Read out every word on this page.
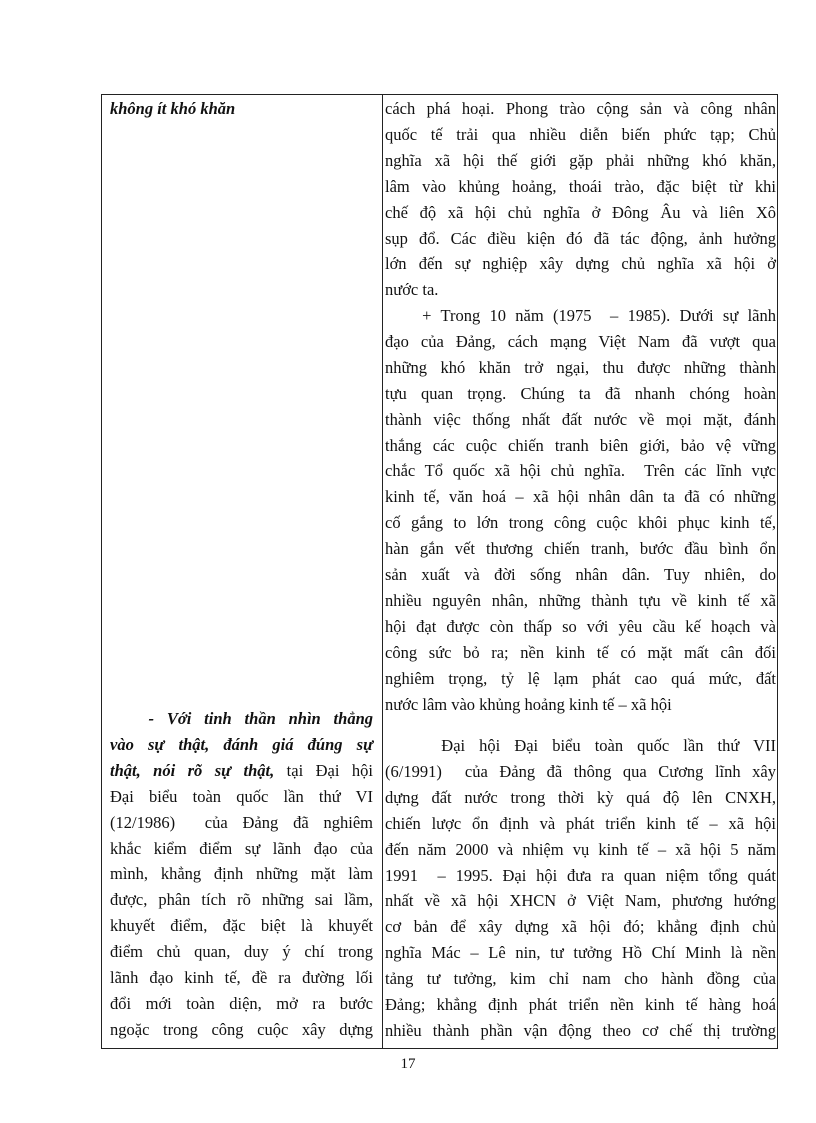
không ít khó khăn
- Với tinh thần nhìn thẳng
vào sự thật, đánh giá đúng sự
thật, nói rõ sự thật, tại Đại hội
Đại biểu toàn quốc lần thứ VI
(12/1986)  của Đảng đã nghiêm
khắc kiểm điểm sự lãnh đạo của
mình, khẳng định những mặt làm
được, phân tích rõ những sai lầm,
khuyết điểm, đặc biệt là khuyết
điểm chủ quan, duy ý chí trong
lãnh đạo kinh tế, đề ra đường lối
đổi mới toàn diện, mở ra bước
ngoặc trong công cuộc xây dựng
cách phá hoại. Phong trào cộng sản và công nhân
quốc tế trải qua nhiều diễn biến phức tạp; Chủ
nghĩa xã hội thế giới gặp phải những khó khăn,
lâm vào khủng hoảng, thoái trào, đặc biệt từ khi
chế độ xã hội chủ nghĩa ở Đông Âu và liên Xô
sụp đổ. Các điều kiện đó đã tác động, ảnh hưởng
lớn đến sự nghiệp xây dựng chủ nghĩa xã hội ở
nước ta.
+ Trong 10 năm (1975  – 1985). Dưới sự lãnh
đạo của Đảng, cách mạng Việt Nam đã vượt qua
những khó khăn trở ngại, thu được những thành
tựu quan trọng. Chúng ta đã nhanh chóng hoàn
thành việc thống nhất đất nước về mọi mặt, đánh
thắng các cuộc chiến tranh biên giới, bảo vệ vững
chắc Tổ quốc xã hội chủ nghĩa.  Trên các lĩnh vực
kinh tế, văn hoá – xã hội nhân dân ta đã có những
cố gắng to lớn trong công cuộc khôi phục kinh tế,
hàn gắn vết thương chiến tranh, bước đầu bình ổn
sản xuất và đời sống nhân dân. Tuy nhiên, do
nhiều nguyên nhân, những thành tựu về kinh tế xã
hội đạt được còn thấp so với yêu cầu kế hoạch và
công sức bỏ ra; nền kinh tế có mặt mất cân đối
nghiêm trọng, tỷ lệ lạm phát cao quá mức, đất
nước lâm vào khủng hoảng kinh tế – xã hội
Đại hội Đại biểu toàn quốc lần thứ VII
(6/1991)  của Đảng đã thông qua Cương lĩnh xây
dựng đất nước trong thời kỳ quá độ lên CNXH,
chiến lược ổn định và phát triển kinh tế – xã hội
đến năm 2000 và nhiệm vụ kinh tế – xã hội 5 năm
1991  – 1995. Đại hội đưa ra quan niệm tổng quát
nhất về xã hội XHCN ở Việt Nam, phương hướng
cơ bản để xây dựng xã hội đó; khẳng định chủ
nghĩa Mác – Lê nin, tư tưởng Hồ Chí Minh là nền
tảng tư tưởng, kim chỉ nam cho hành đồng của
Đảng; khẳng định phát triển nền kinh tế hàng hoá
nhiều thành phần vận động theo cơ chế thị trường
17
